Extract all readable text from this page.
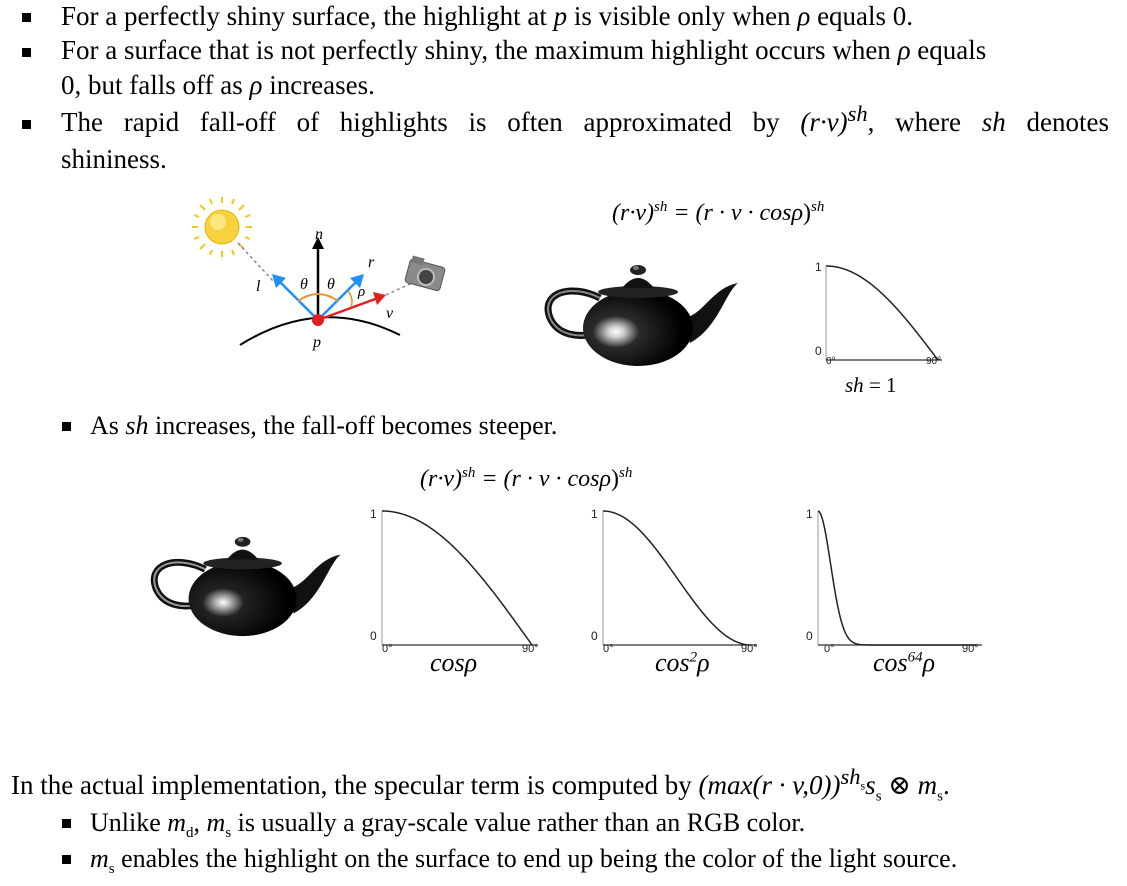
For a perfectly shiny surface, the highlight at p is visible only when ρ equals 0.
For a surface that is not perfectly shiny, the maximum highlight occurs when ρ equals
0, but falls off as ρ increases.
The rapid fall-off of highlights is often approximated by $(r\cdot v)^{sh}$, where sh denotes
shininess.
n
l
r
v
p
θ θ ρ
$(r\cdot v)^{sh} = (r \cdot v \cdot \cos\rho)^{sh}$
1
0
0°	90°
sh = 1
As sh increases, the fall-off becomes steeper.
$(r\cdot v)^{sh} = (r \cdot v \cdot \cos\rho)^{sh}$
1
0
0°	90°
cosρ
1
0
0°	90°
$\cos^2\rho$
1
0
0°	90°
$\cos^{64}\rho$
In the actual implementation, the specular term is computed by $(\max(r \cdot v,0))^{sh_s}s_s$ ⊗ $m_s$.
Unlike $m_d$, $m_s$ is usually a gray-scale value rather than an RGB color.
$m_s$ enables the highlight on the surface to end up being the color of the light source.
